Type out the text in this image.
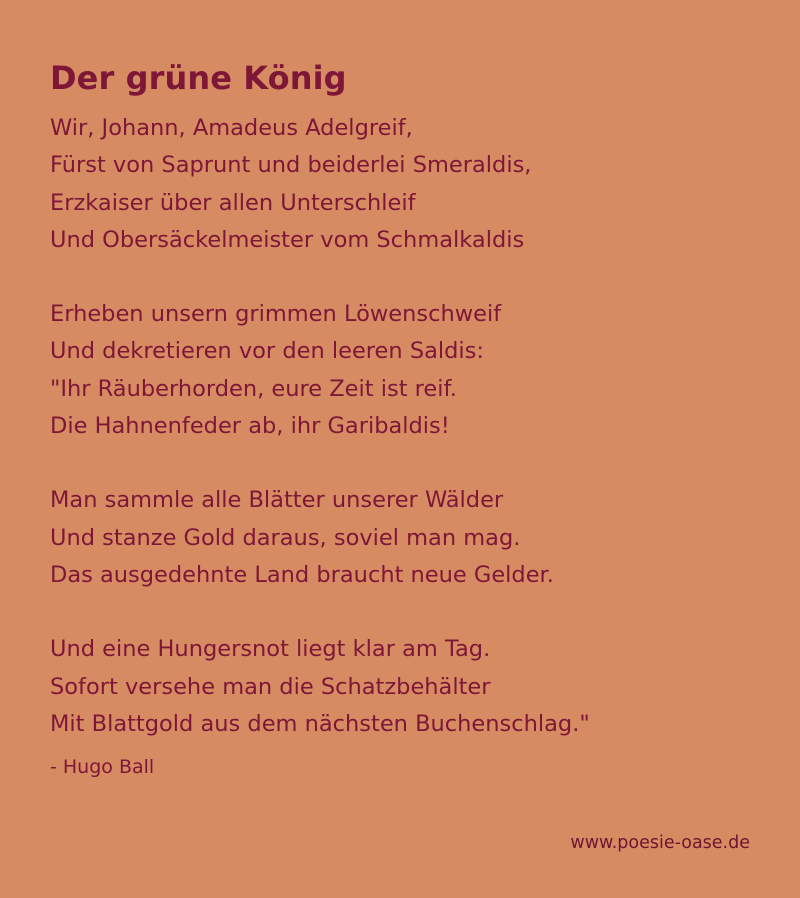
Der grüne König
Wir, Johann, Amadeus Adelgreif,
Fürst von Saprunt und beiderlei Smeraldis,
Erzkaiser über allen Unterschleif
Und Obersäckelmeister vom Schmalkaldis
Erheben unsern grimmen Löwenschweif
Und dekretieren vor den leeren Saldis:
"Ihr Räuberhorden, eure Zeit ist reif.
Die Hahnenfeder ab, ihr Garibaldis!
Man sammle alle Blätter unserer Wälder
Und stanze Gold daraus, soviel man mag.
Das ausgedehnte Land braucht neue Gelder.
Und eine Hungersnot liegt klar am Tag.
Sofort versehe man die Schatzbehälter
Mit Blattgold aus dem nächsten Buchenschlag."
- Hugo Ball
www.poesie-oase.de
